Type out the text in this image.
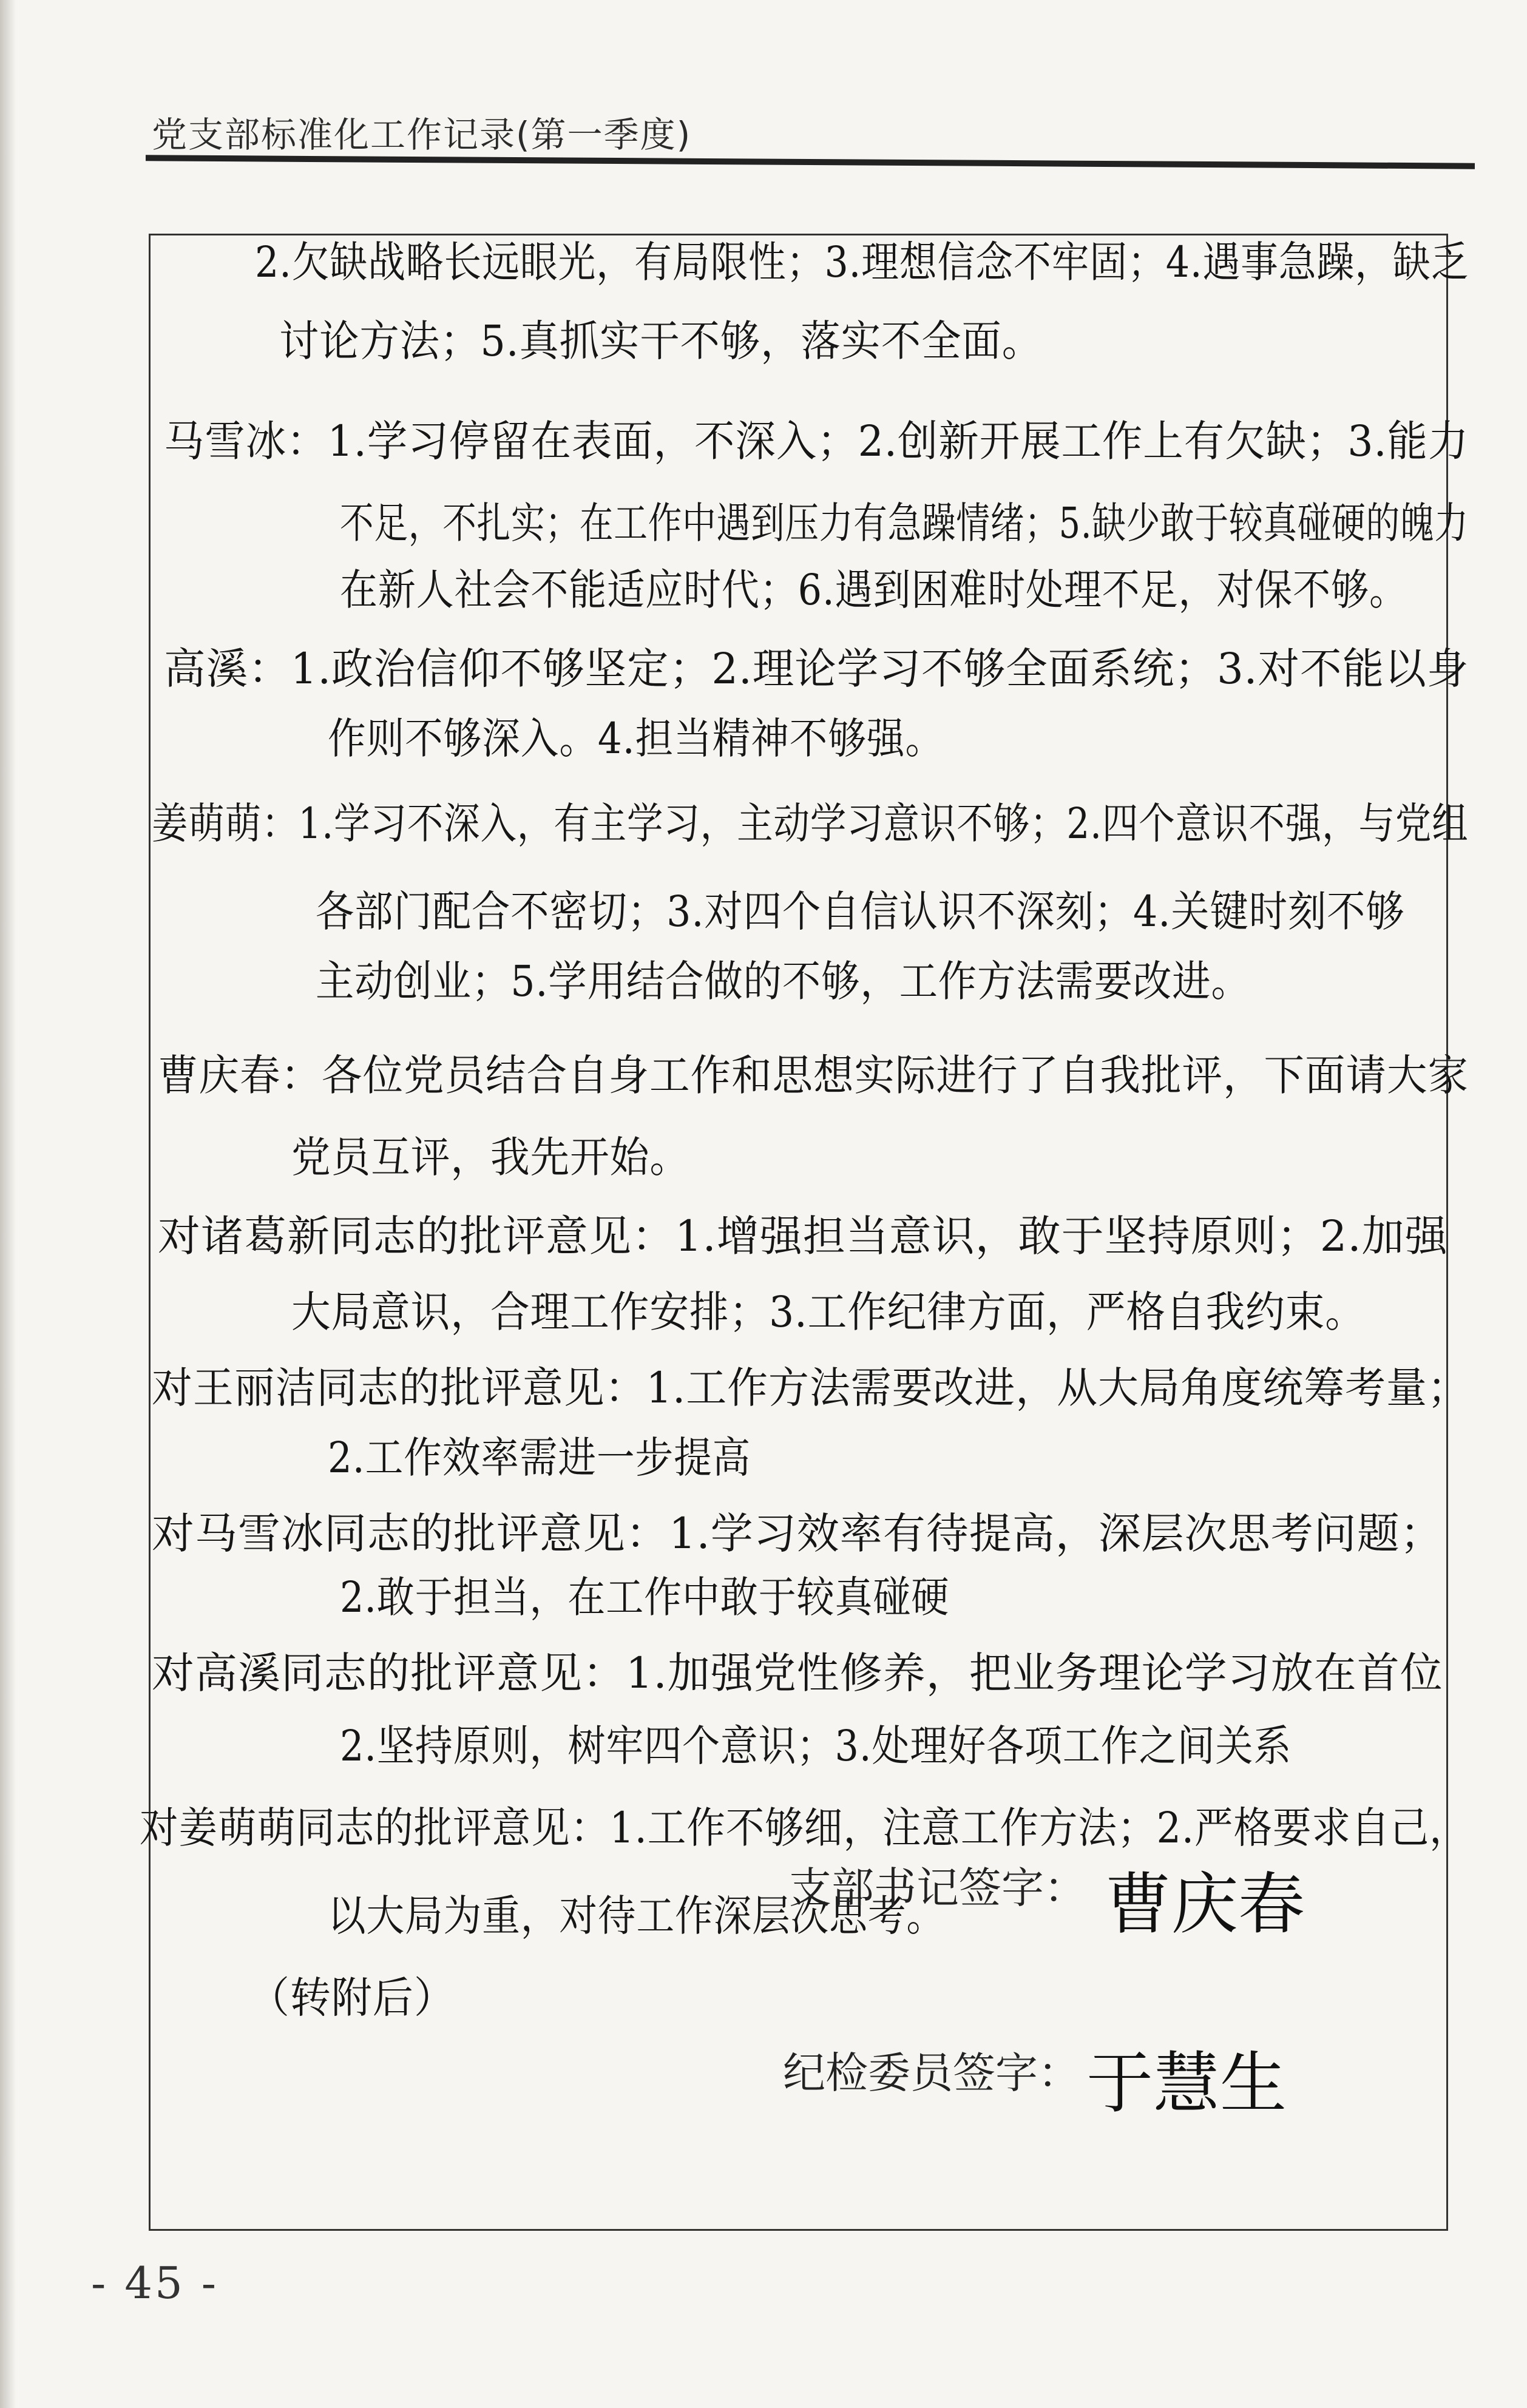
党支部标准化工作记录(第一季度)
2.欠缺战略长远眼光，有局限性；3.理想信念不牢固；4.遇事急躁，缺乏
讨论方法；5.真抓实干不够，落实不全面。
马雪冰：1.学习停留在表面，不深入；2.创新开展工作上有欠缺；3.能力
不足，不扎实；在工作中遇到压力有急躁情绪；5.缺少敢于较真碰硬的魄力
在新人社会不能适应时代；6.遇到困难时处理不足，对保不够。
高溪：1.政治信仰不够坚定；2.理论学习不够全面系统；3.对不能以身
作则不够深入。4.担当精神不够强。
姜萌萌：1.学习不深入，有主学习，主动学习意识不够；2.四个意识不强，与党组
各部门配合不密切；3.对四个自信认识不深刻；4.关键时刻不够
主动创业；5.学用结合做的不够，工作方法需要改进。
曹庆春：各位党员结合自身工作和思想实际进行了自我批评，下面请大家
党员互评，我先开始。
对诸葛新同志的批评意见：1.增强担当意识，敢于坚持原则；2.加强
大局意识，合理工作安排；3.工作纪律方面，严格自我约束。
对王丽洁同志的批评意见：1.工作方法需要改进，从大局角度统筹考量；
2.工作效率需进一步提高
对马雪冰同志的批评意见：1.学习效率有待提高，深层次思考问题；
2.敢于担当，在工作中敢于较真碰硬
对高溪同志的批评意见：1.加强党性修养，把业务理论学习放在首位
2.坚持原则，树牢四个意识；3.处理好各项工作之间关系
对姜萌萌同志的批评意见：1.工作不够细，注意工作方法；2.严格要求自己，
以大局为重，对待工作深层次思考。
（转附后）
支部书记签字： 曹庆春
纪检委员签字： 于慧生
- 45 -
